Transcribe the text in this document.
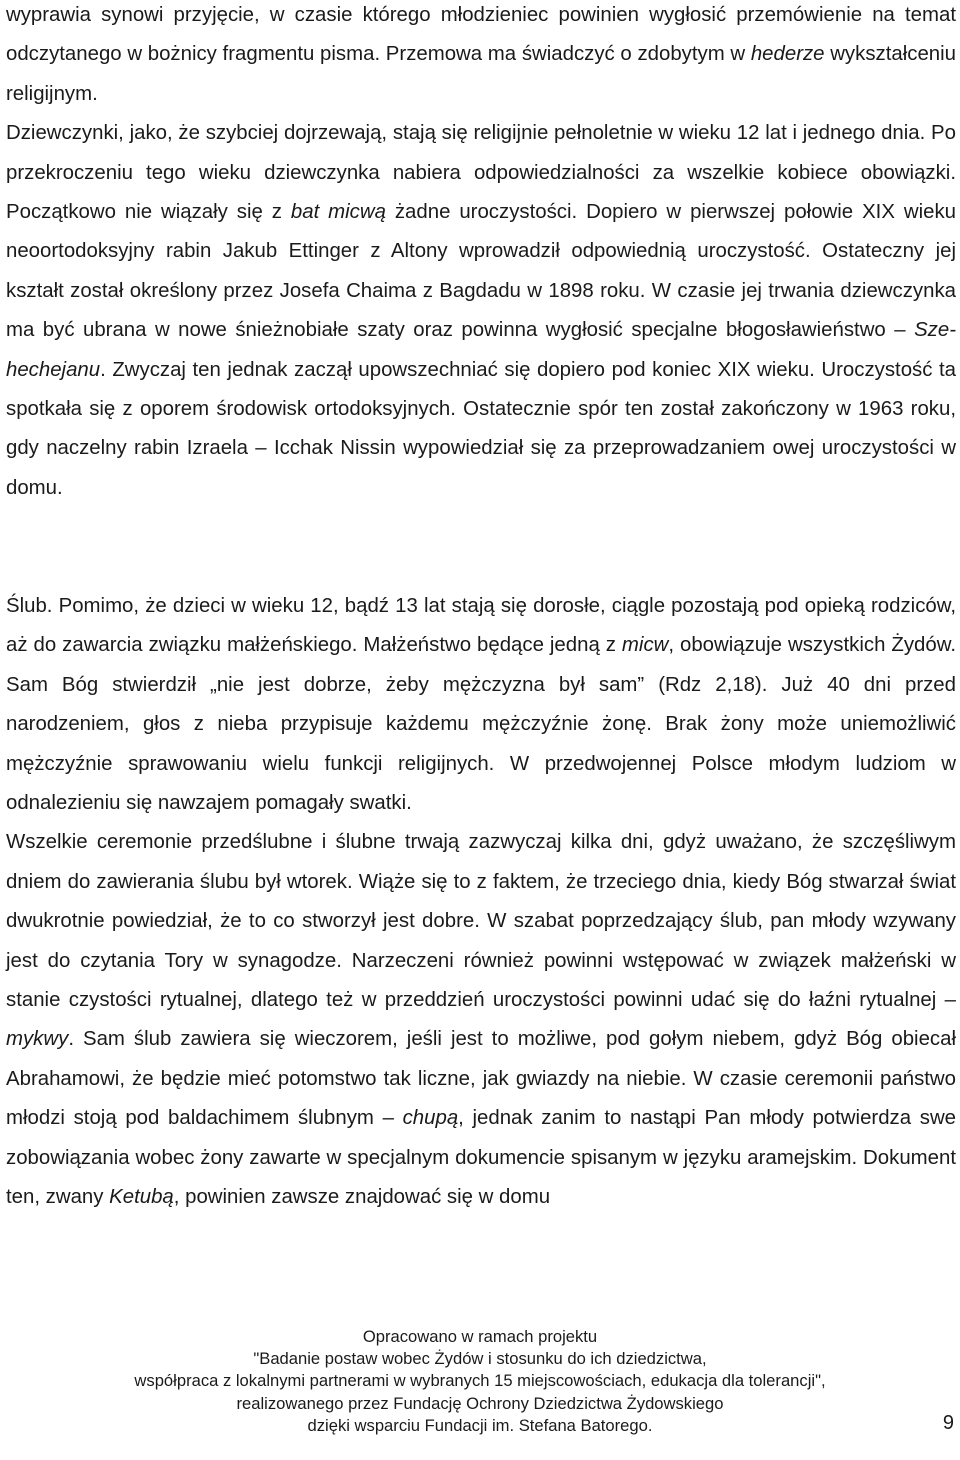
wyprawia synowi przyjęcie, w czasie którego młodzieniec powinien wygłosić przemówienie na temat odczytanego w bożnicy fragmentu pisma. Przemowa ma świadczyć o zdobytym w hederze wykształceniu religijnym.

Dziewczynki, jako, że szybciej dojrzewają, stają się religijnie pełnoletnie w wieku 12 lat i jednego dnia. Po przekroczeniu tego wieku dziewczynka nabiera odpowiedzialności za wszelkie kobiece obowiązki. Początkowo nie wiązały się z bat micwą żadne uroczystości. Dopiero w pierwszej połowie XIX wieku neoortodoksyjny rabin Jakub Ettinger z Altony wprowadził odpowiednią uroczystość. Ostateczny jej kształt został określony przez Josefa Chaima z Bagdadu w 1898 roku. W czasie jej trwania dziewczynka ma być ubrana w nowe śnieżnobiałe szaty oraz powinna wygłosić specjalne błogosławieństwo – Sze-hechejanu. Zwyczaj ten jednak zaczął upowszechniać się dopiero pod koniec XIX wieku. Uroczystość ta spotkała się z oporem środowisk ortodoksyjnych. Ostatecznie spór ten został zakończony w 1963 roku, gdy naczelny rabin Izraela – Icchak Nissin wypowiedział się za przeprowadzaniem owej uroczystości w domu.

Ślub. Pomimo, że dzieci w wieku 12, bądź 13 lat stają się dorosłe, ciągle pozostają pod opieką rodziców, aż do zawarcia związku małżeńskiego. Małżeństwo będące jedną z micw, obowiązuje wszystkich Żydów. Sam Bóg stwierdził „nie jest dobrze, żeby mężczyzna był sam” (Rdz 2,18). Już 40 dni przed narodzeniem, głos z nieba przypisuje każdemu mężczyźnie żonę. Brak żony może uniemożliwić mężczyźnie sprawowaniu wielu funkcji religijnych. W przedwojennej Polsce młodym ludziom w odnalezieniu się nawzajem pomagały swatki.

Wszelkie ceremonie przedślubne i ślubne trwają zazwyczaj kilka dni, gdyż uważano, że szczęśliwym dniem do zawierania ślubu był wtorek. Wiąże się to z faktem, że trzeciego dnia, kiedy Bóg stwarzał świat dwukrotnie powiedział, że to co stworzył jest dobre. W szabat poprzedzający ślub, pan młody wzywany jest do czytania Tory w synagodze. Narzeczeni również powinni wstępować w związek małżeński w stanie czystości rytualnej, dlatego też w przeddzień uroczystości powinni udać się do łaźni rytualnej – mykwy. Sam ślub zawiera się wieczorem, jeśli jest to możliwe, pod gołym niebem, gdyż Bóg obiecał Abrahamowi, że będzie mieć potomstwo tak liczne, jak gwiazdy na niebie. W czasie ceremonii państwo młodzi stoją pod baldachimem ślubnym – chupą, jednak zanim to nastąpi Pan młody potwierdza swe zobowiązania wobec żony zawarte w specjalnym dokumencie spisanym w języku aramejskim. Dokument ten, zwany Ketubą, powinien zawsze znajdować się w domu

Opracowano w ramach projektu
"Badanie postaw wobec Żydów i stosunku do ich dziedzictwa,
współpraca z lokalnymi partnerami w wybranych 15 miejscowościach, edukacja dla tolerancji",
realizowanego przez Fundację Ochrony Dziedzictwa Żydowskiego
dzięki wsparciu Fundacji im. Stefana Batorego.	9
